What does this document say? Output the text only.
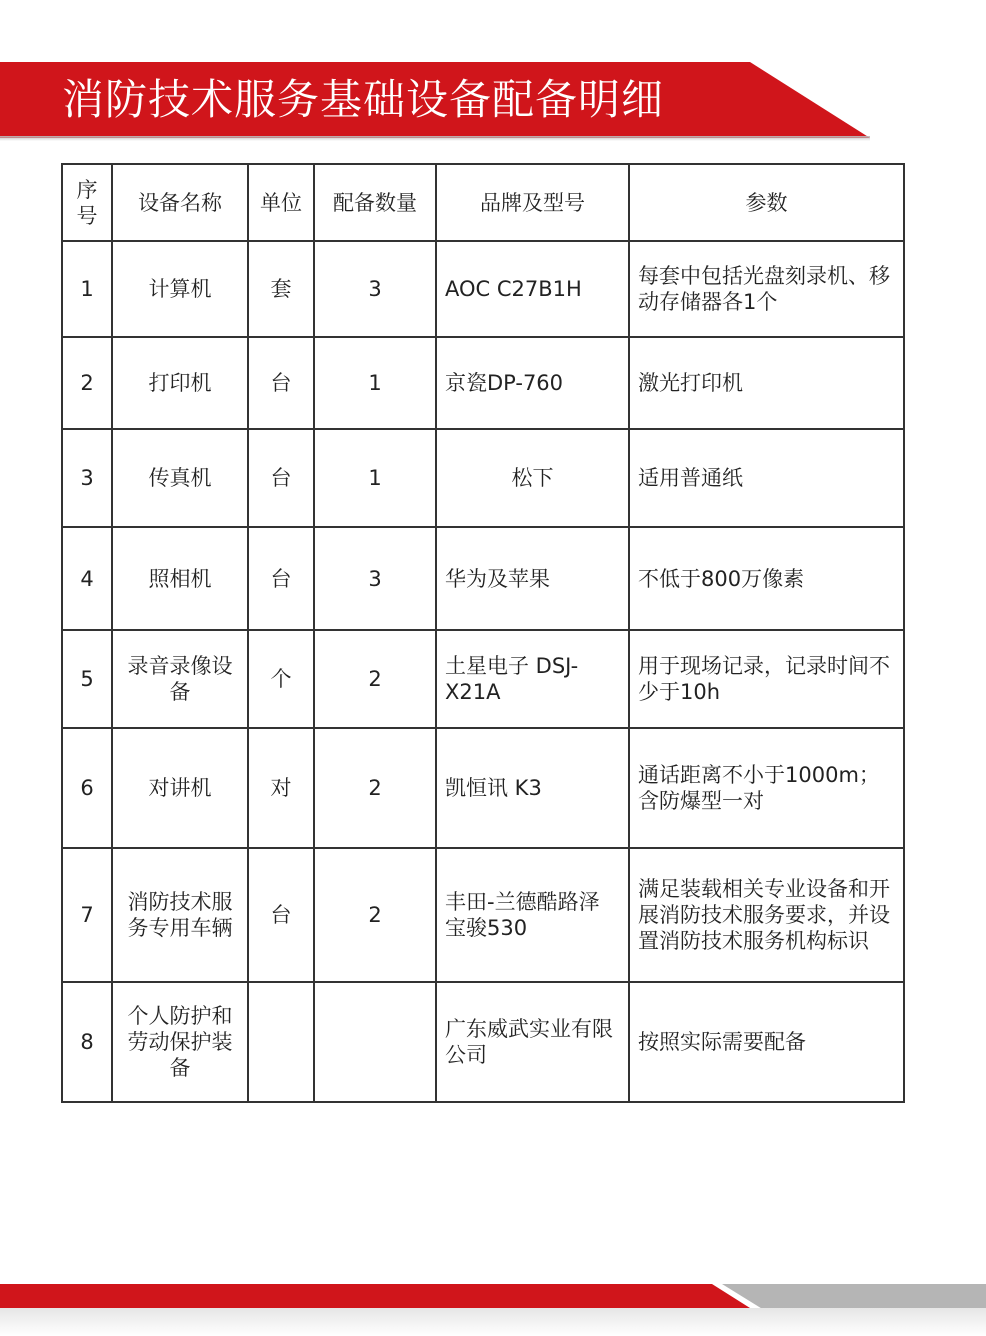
消防技术服务基础设备配备明细
序号	设备名称	单位	配备数量	品牌及型号	参数
1	计算机	套	3	AOC C27B1H	每套中包括光盘刻录机、移动存储器各1个
2	打印机	台	1	京瓷DP-760	激光打印机
3	传真机	台	1	松下	适用普通纸
4	照相机	台	3	华为及苹果	不低于800万像素
5	录音录像设备	个	2	土星电子 DSJ-X21A	用于现场记录，记录时间不少于10h
6	对讲机	对	2	凯恒讯 K3	通话距离不小于1000m；含防爆型一对
7	消防技术服务专用车辆	台	2	丰田-兰德酷路泽宝骏530	满足装载相关专业设备和开展消防技术服务要求，并设置消防技术服务机构标识
8	个人防护和劳动保护装备			广东威武实业有限公司	按照实际需要配备
